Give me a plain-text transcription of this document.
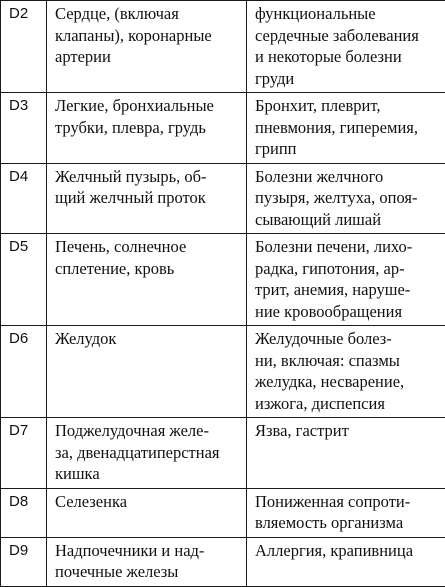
D2	Сердце, (включая
клапаны), коронарные
артерии	функциональные
сердечные заболевания
и некоторые болезни
груди
D3	Легкие, бронхиальные
трубки, плевра, грудь	Бронхит, плеврит,
пневмония, гиперемия,
грипп
D4	Желчный пузырь, об-
щий желчный проток	Болезни желчного
пузыря, желтуха, опоя-
сывающий лишай
D5	Печень, солнечное
сплетение, кровь	Болезни печени, лихо-
радка, гипотония, ар-
трит, анемия, наруше-
ние кровообращения
D6	Желудок	Желудочные болез-
ни, включая: спазмы
желудка, несварение,
изжога, диспепсия
D7	Поджелудочная желе-
за, двенадцатиперстная
кишка	Язва, гастрит
D8	Селезенка	Пониженная сопроти-
вляемость организма
D9	Надпочечники и над-
почечные железы	Аллергия, крапивница
